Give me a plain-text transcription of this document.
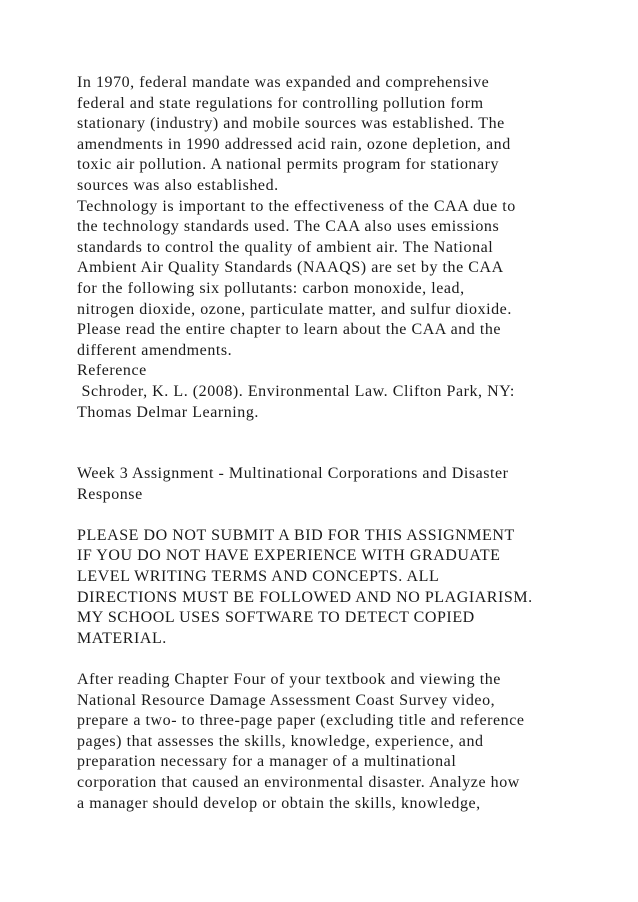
In 1970, federal mandate was expanded and comprehensive
federal and state regulations for controlling pollution form
stationary (industry) and mobile sources was established. The
amendments in 1990 addressed acid rain, ozone depletion, and
toxic air pollution. A national permits program for stationary
sources was also established.
Technology is important to the effectiveness of the CAA due to
the technology standards used. The CAA also uses emissions
standards to control the quality of ambient air. The National
Ambient Air Quality Standards (NAAQS) are set by the CAA
for the following six pollutants: carbon monoxide, lead,
nitrogen dioxide, ozone, particulate matter, and sulfur dioxide.
Please read the entire chapter to learn about the CAA and the
different amendments.
Reference
Schroder, K. L. (2008). Environmental Law. Clifton Park, NY:
Thomas Delmar Learning.
Week 3 Assignment - Multinational Corporations and Disaster
Response
PLEASE DO NOT SUBMIT A BID FOR THIS ASSIGNMENT
IF YOU DO NOT HAVE EXPERIENCE WITH GRADUATE
LEVEL WRITING TERMS AND CONCEPTS. ALL
DIRECTIONS MUST BE FOLLOWED AND NO PLAGIARISM.
MY SCHOOL USES SOFTWARE TO DETECT COPIED
MATERIAL.
After reading Chapter Four of your textbook and viewing the
National Resource Damage Assessment Coast Survey video,
prepare a two- to three-page paper (excluding title and reference
pages) that assesses the skills, knowledge, experience, and
preparation necessary for a manager of a multinational
corporation that caused an environmental disaster. Analyze how
a manager should develop or obtain the skills, knowledge,
